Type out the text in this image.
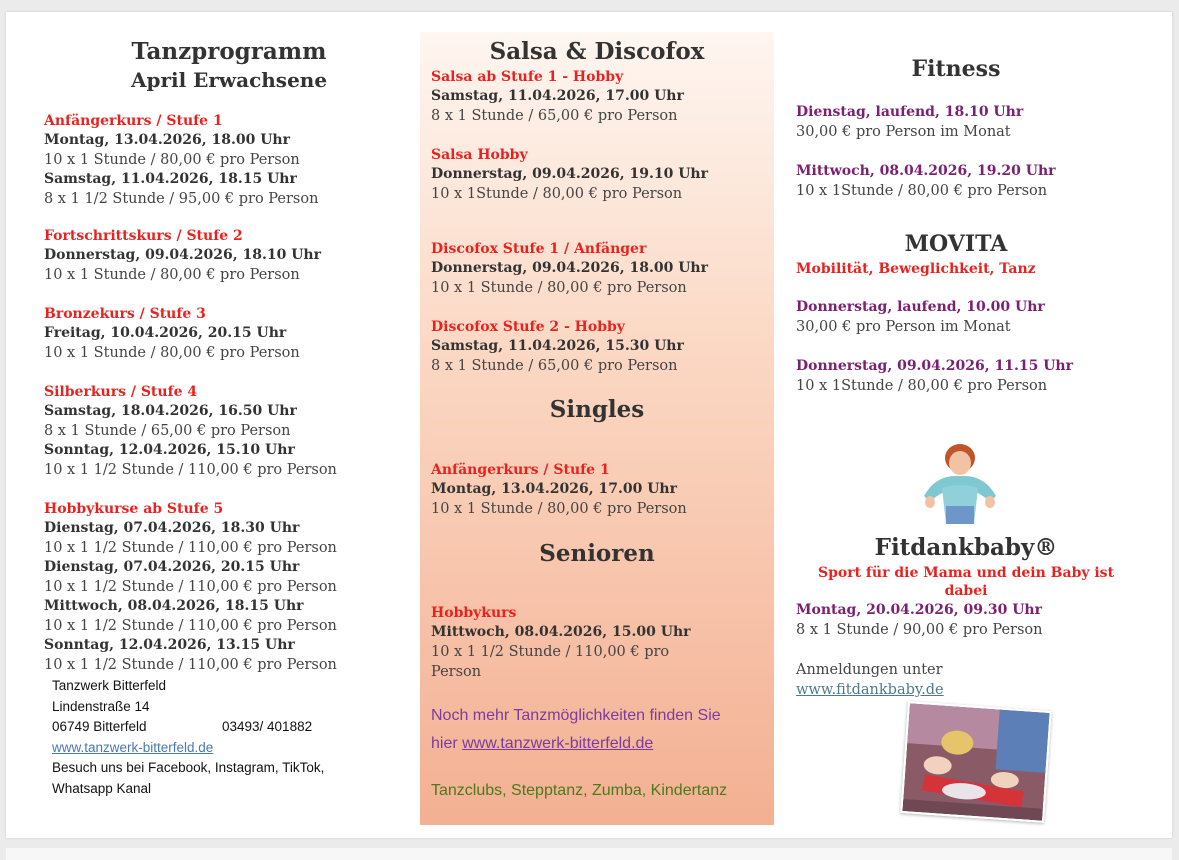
Tanzprogramm
April Erwachsene
Anfängerkurs / Stufe 1
Montag, 13.04.2026, 18.00 Uhr
10 x 1 Stunde / 80,00 € pro Person
Samstag, 11.04.2026, 18.15 Uhr
8 x 1 1/2 Stunde / 95,00 € pro Person
Fortschrittskurs / Stufe 2
Donnerstag, 09.04.2026, 18.10 Uhr
10 x 1 Stunde / 80,00 € pro Person
Bronzekurs / Stufe 3
Freitag, 10.04.2026, 20.15 Uhr
10 x 1 Stunde / 80,00 € pro Person
Silberkurs / Stufe 4
Samstag, 18.04.2026, 16.50 Uhr
8 x 1 Stunde / 65,00 € pro Person
Sonntag, 12.04.2026, 15.10 Uhr
10 x 1 1/2 Stunde / 110,00 € pro Person
Hobbykurse ab Stufe 5
Dienstag, 07.04.2026, 18.30 Uhr
10 x 1 1/2 Stunde / 110,00 € pro Person
Dienstag, 07.04.2026, 20.15 Uhr
10 x 1 1/2 Stunde / 110,00 € pro Person
Mittwoch, 08.04.2026, 18.15 Uhr
10 x 1 1/2 Stunde / 110,00 € pro Person
Sonntag, 12.04.2026, 13.15 Uhr
10 x 1 1/2 Stunde / 110,00 € pro Person
Tanzwerk Bitterfeld
Lindenstraße 14
06749 Bitterfeld	03493/ 401882
www.tanzwerk-bitterfeld.de
Besuch uns bei Facebook, Instagram, TikTok,
Whatsapp Kanal
Salsa & Discofox
Salsa ab Stufe 1 - Hobby
Samstag, 11.04.2026, 17.00 Uhr
8 x 1 Stunde / 65,00 € pro Person
Salsa Hobby
Donnerstag, 09.04.2026, 19.10 Uhr
10 x 1Stunde / 80,00 € pro Person
Discofox Stufe 1 / Anfänger
Donnerstag, 09.04.2026, 18.00 Uhr
10 x 1 Stunde / 80,00 € pro Person
Discofox Stufe 2 - Hobby
Samstag, 11.04.2026, 15.30 Uhr
8 x 1 Stunde / 65,00 € pro Person
Singles
Anfängerkurs / Stufe 1
Montag, 13.04.2026, 17.00 Uhr
10 x 1 Stunde / 80,00 € pro Person
Senioren
Hobbykurs
Mittwoch, 08.04.2026, 15.00 Uhr
10 x 1 1/2 Stunde / 110,00 € pro
Person
Noch mehr Tanzmöglichkeiten finden Sie
hier www.tanzwerk-bitterfeld.de
Tanzclubs, Stepptanz, Zumba, Kindertanz
Fitness
Dienstag, laufend, 18.10 Uhr
30,00 € pro Person im Monat
Mittwoch, 08.04.2026, 19.20 Uhr
10 x 1Stunde / 80,00 € pro Person
MOVITA
Mobilität, Beweglichkeit, Tanz
Donnerstag, laufend, 10.00 Uhr
30,00 € pro Person im Monat
Donnerstag, 09.04.2026, 11.15 Uhr
10 x 1Stunde / 80,00 € pro Person
Fitdankbaby®
Sport für die Mama und dein Baby ist
dabei
Montag, 20.04.2026, 09.30 Uhr
8 x 1 Stunde / 90,00 € pro Person
Anmeldungen unter
www.fitdankbaby.de
